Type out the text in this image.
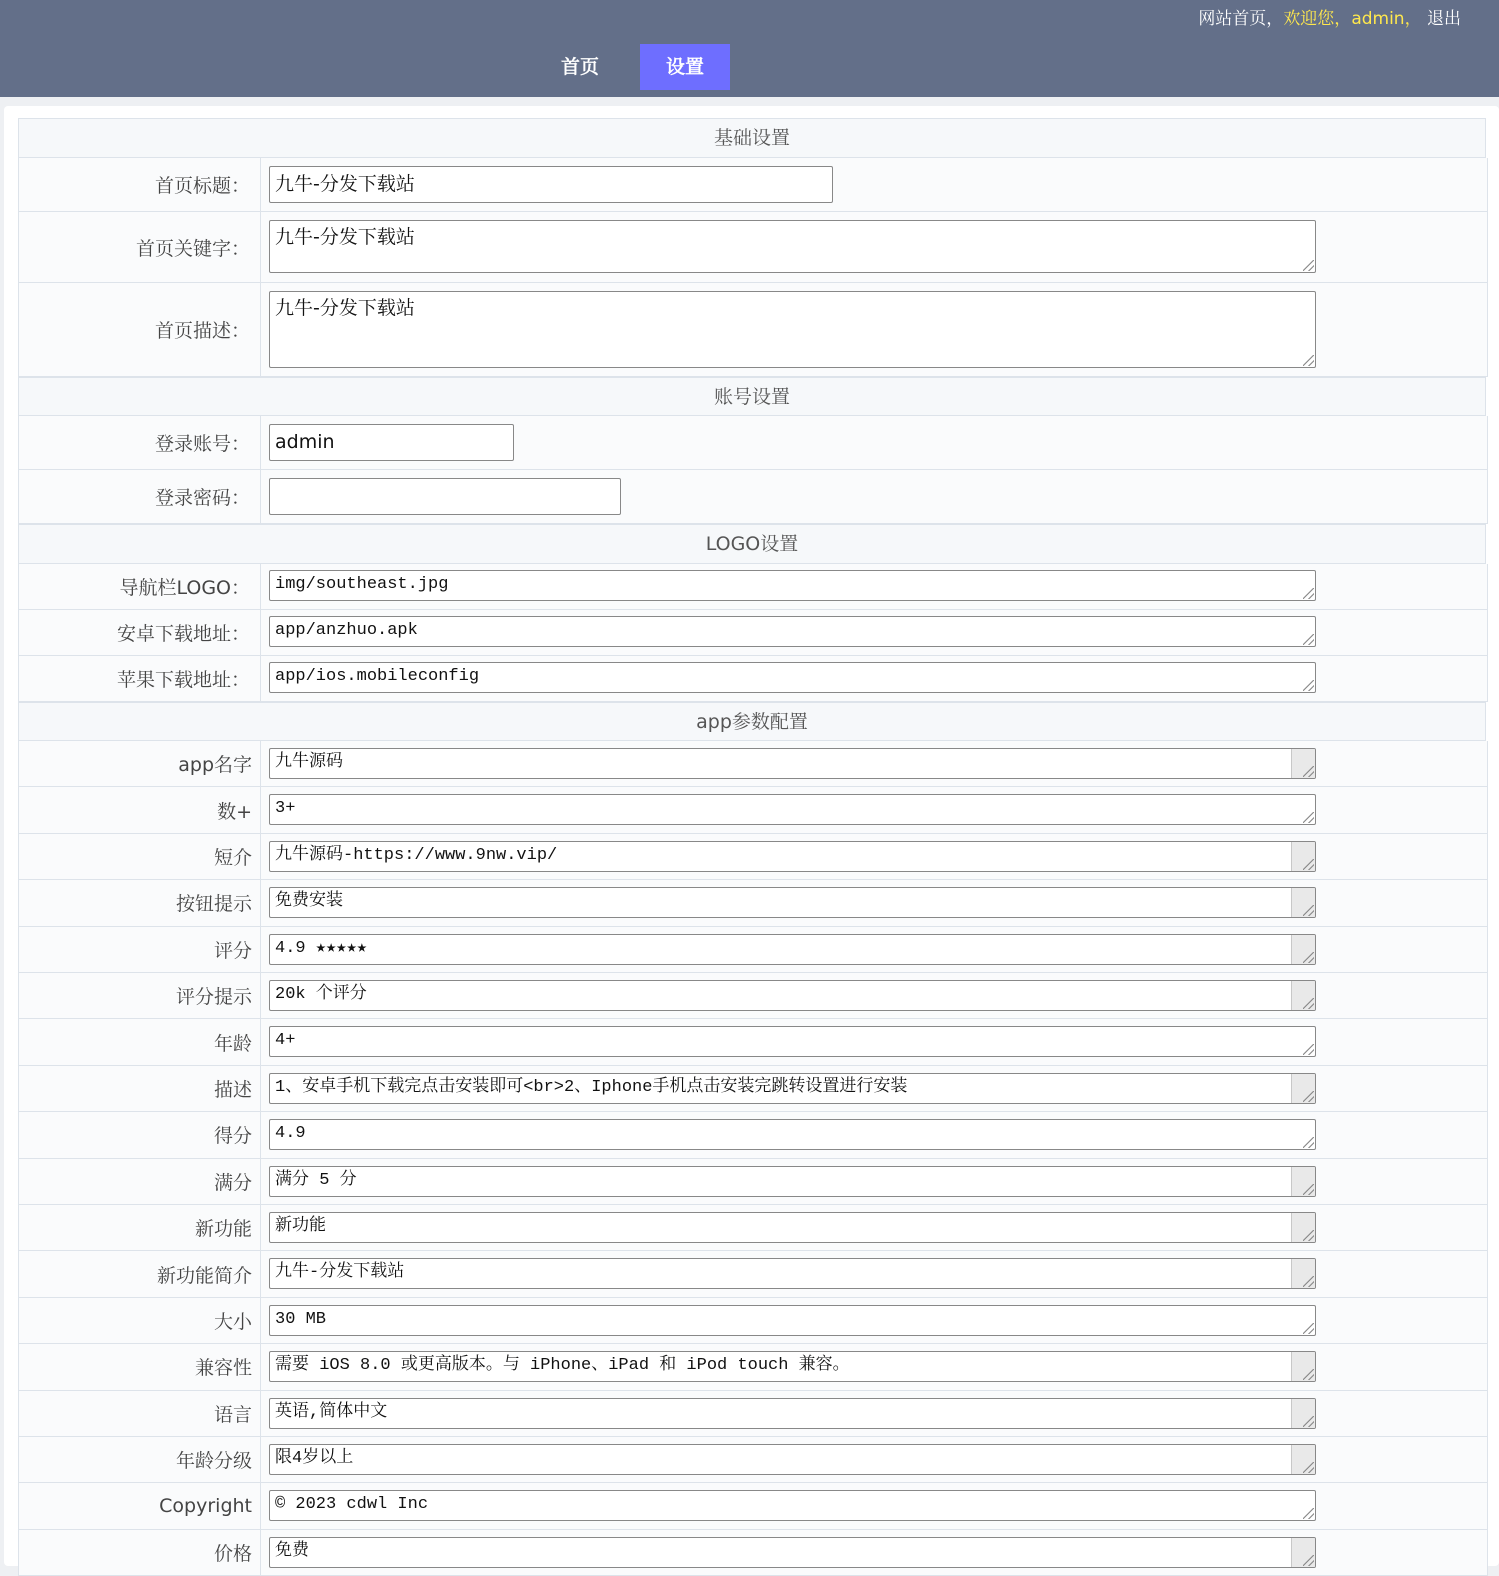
网站首页，欢迎您，admin， 退出
首页	设置
基础设置
首页标题：	九牛-分发下载站
首页关键字：
九牛-分发下载站
首页描述：
九牛-分发下载站
账号设置
登录账号：	admin
登录密码：
LOGO设置
导航栏LOGO：	img/southeast.jpg
安卓下载地址：	app/anzhuo.apk
苹果下载地址：	app/ios.mobileconfig
app参数配置
app名字	九牛源码
数+	3+
短介	九牛源码-https://www.9nw.vip/
按钮提示	免费安装
评分	4.9 ★★★★★
评分提示	20k 个评分
年龄	4+
描述	1、安卓手机下载完点击安装即可<br>2、Iphone手机点击安装完跳转设置进行安装
得分	4.9
满分	满分 5 分
新功能	新功能
新功能简介	九牛-分发下载站
大小	30 MB
兼容性	需要 iOS 8.0 或更高版本。与 iPhone、iPad 和 iPod touch 兼容。
语言	英语,简体中文
年龄分级	限4岁以上
Copyright	© 2023 cdwl Inc
价格	免费
